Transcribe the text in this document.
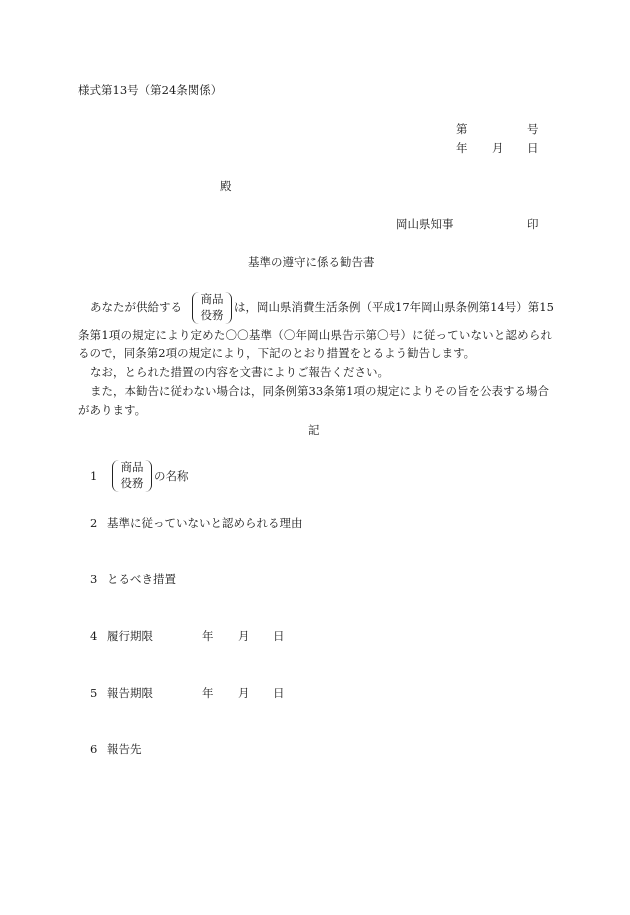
様式第13号（第24条関係）
第	号
年 月 日
殿
岡山県知事	印
基準の遵守に係る勧告書
あなたが供給する
商品
役務
は，岡山県消費生活条例（平成17年岡山県条例第14号）第15
条第1項の規定により定めた〇〇基準（〇年岡山県告示第〇号）に従っていないと認められ
るので，同条第2項の規定により，下記のとおり措置をとるよう勧告します。
なお，とられた措置の内容を文書によりご報告ください。
また，本勧告に従わない場合は，同条例第33条第1項の規定によりその旨を公表する場合
があります。
記
1
商品
役務 の名称
2 基準に従っていないと認められる理由
3 とるべき措置
4 履行期限	年 月 日
5 報告期限	年 月 日
6 報告先
